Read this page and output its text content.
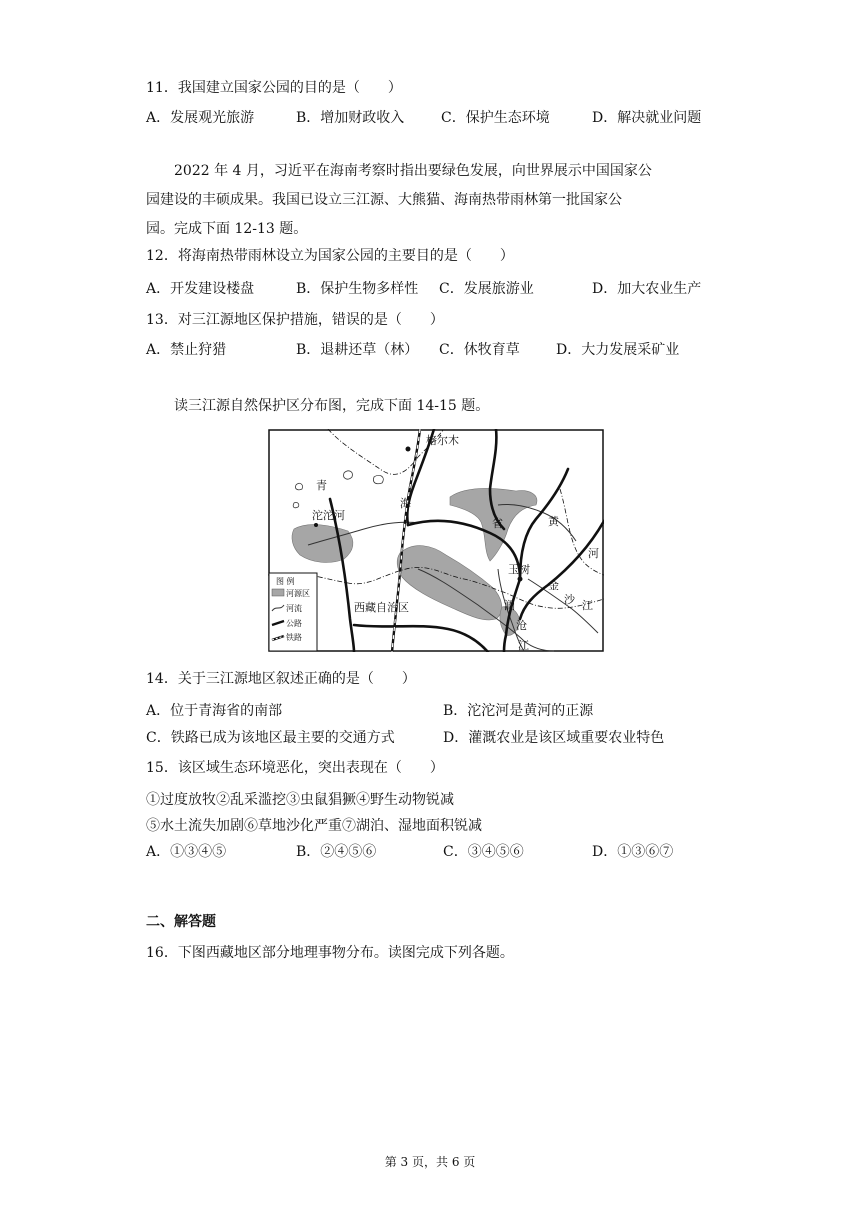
11．我国建立国家公园的目的是（　　）
A．发展观光旅游	B．增加财政收入	C．保护生态环境	D．解决就业问题
　　2022 年 4 月，习近平在海南考察时指出要绿色发展，向世界展示中国国家公
园建设的丰硕成果。我国已设立三江源、大熊猫、海南热带雨林第一批国家公
园。完成下面 12-13 题。
12．将海南热带雨林设立为国家公园的主要目的是（　　）
A．开发建设楼盘	B．保护生物多样性 C．发展旅游业	D．加大农业生产
13．对三江源地区保护措施，错误的是（　　）
A．禁止狩猎	B．退耕还草（林） C．休牧育草	D．大力发展采矿业
读三江源自然保护区分布图，完成下面 14-15 题。
格尔木
青
海
省
沱沱河
玉树
黄
河
金
沙 江
澜
沧
江
西藏自治区
图 例
河源区
河流
公路
铁路
14．关于三江源地区叙述正确的是（　　）
A．位于青海省的南部	B．沱沱河是黄河的正源
C．铁路已成为该地区最主要的交通方式	D．灌溉农业是该区域重要农业特色
15．该区域生态环境恶化，突出表现在（　　）
①过度放牧②乱采滥挖③虫鼠猖獗④野生动物锐减
⑤水土流失加剧⑥草地沙化严重⑦湖泊、湿地面积锐减
A．①③④⑤	B．②④⑤⑥	C．③④⑤⑥	D．①③⑥⑦
二、解答题
16．下图西藏地区部分地理事物分布。读图完成下列各题。
第 3 页，共 6 页
